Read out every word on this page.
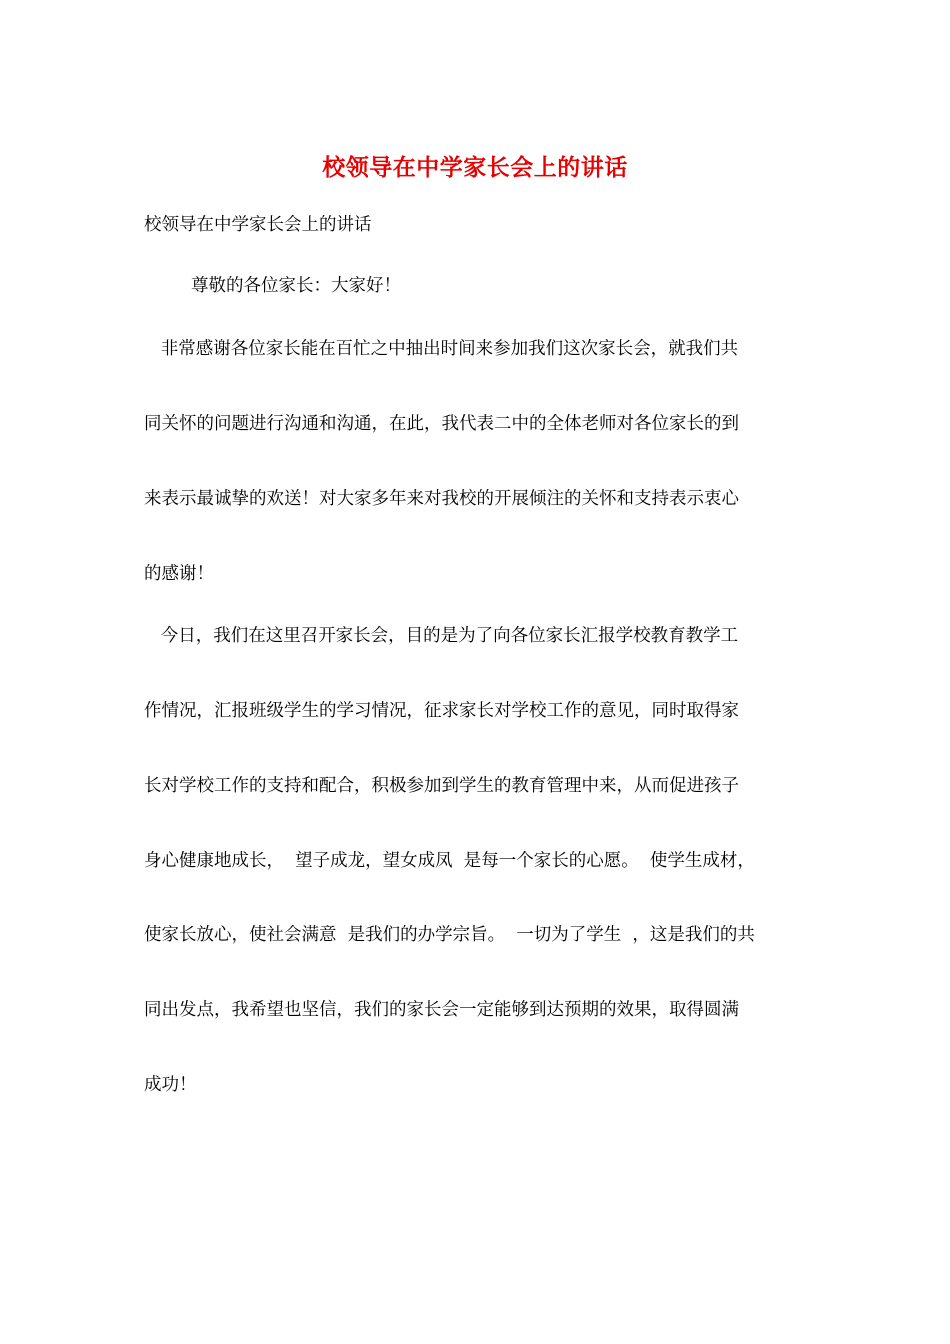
校领导在中学家长会上的讲话
校领导在中学家长会上的讲话
尊敬的各位家长：大家好！
非常感谢各位家长能在百忙之中抽出时间来参加我们这次家长会，就我们共
同关怀的问题进行沟通和沟通，在此，我代表二中的全体老师对各位家长的到
来表示最诚挚的欢送！对大家多年来对我校的开展倾注的关怀和支持表示衷心
的感谢！
今日，我们在这里召开家长会，目的是为了向各位家长汇报学校教育教学工
作情况，汇报班级学生的学习情况，征求家长对学校工作的意见，同时取得家
长对学校工作的支持和配合，积极参加到学生的教育管理中来，从而促进孩子
身心健康地成长，  望子成龙，望女成凤  是每一个家长的心愿。  使学生成材，
使家长放心，使社会满意  是我们的办学宗旨。  一切为了学生  ，这是我们的共
同出发点，我希望也坚信，我们的家长会一定能够到达预期的效果，取得圆满
成功！
